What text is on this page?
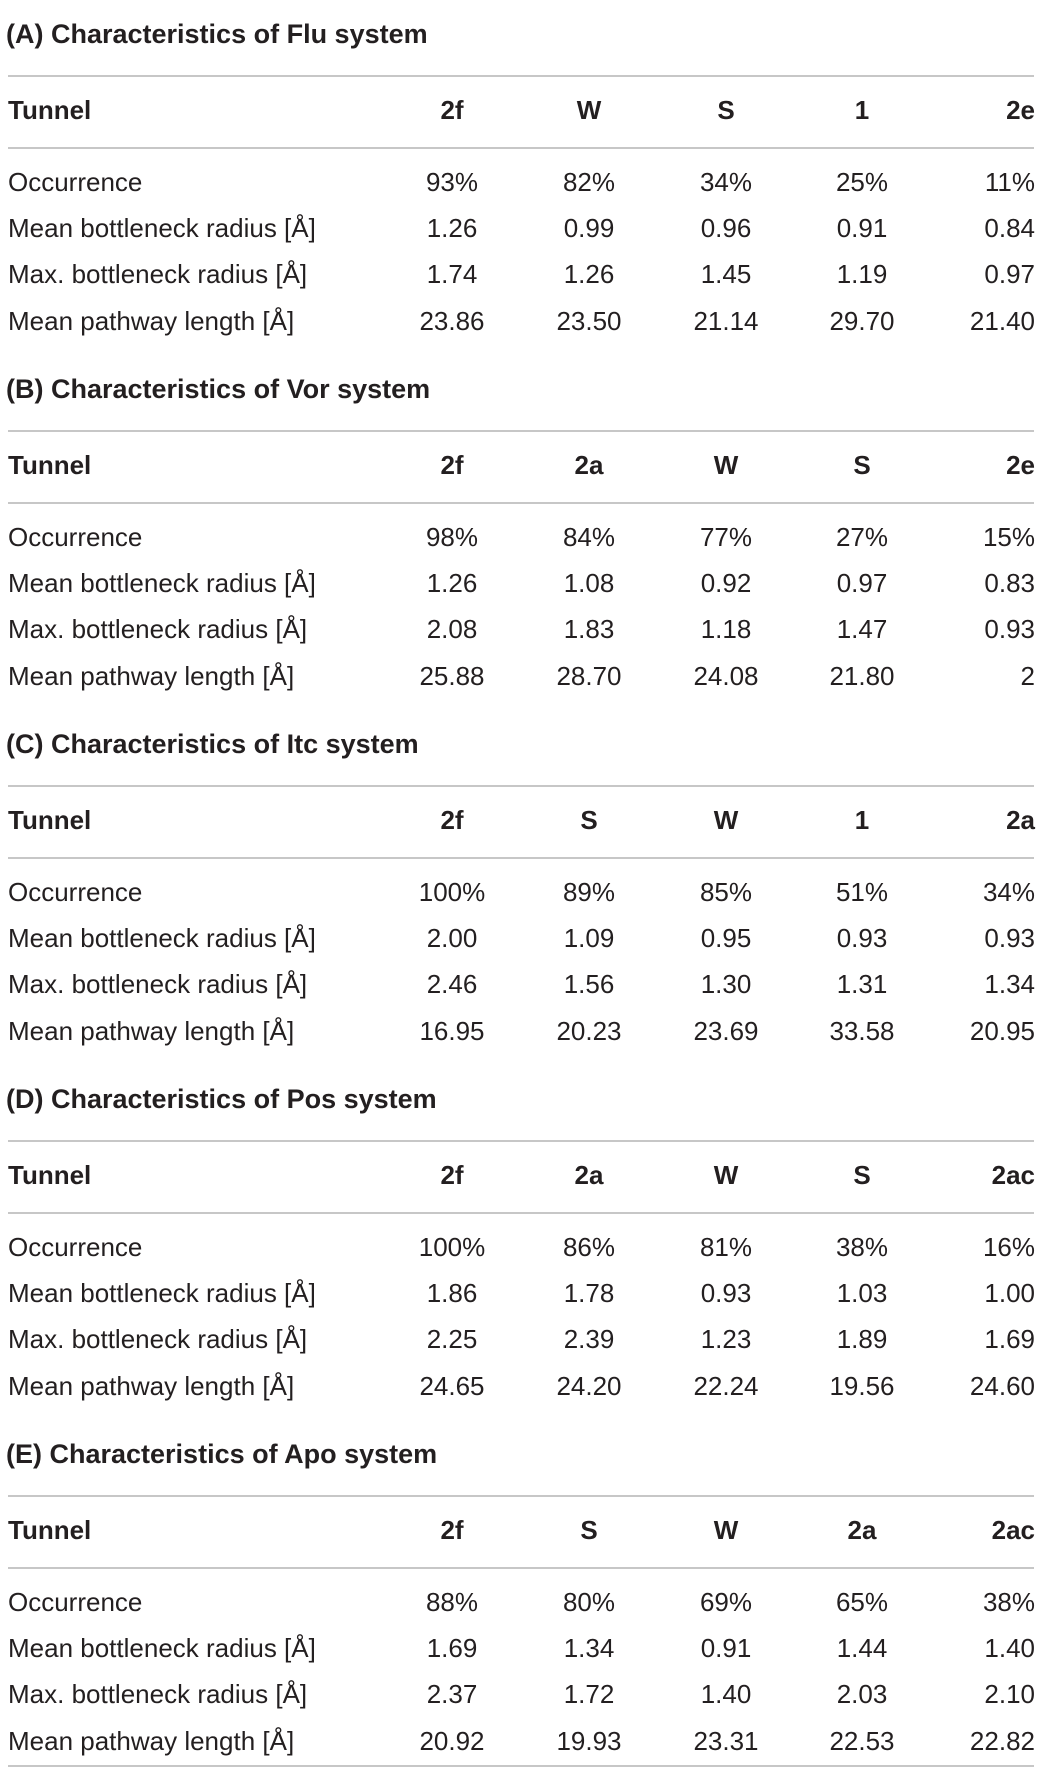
(A) Characteristics of Flu system
Tunnel	2f	W	S	1	2e
Occurrence	93%	82%	34%	25%	11%
Mean bottleneck radius [Å]	1.26	0.99	0.96	0.91	0.84
Max. bottleneck radius [Å]	1.74	1.26	1.45	1.19	0.97
Mean pathway length [Å]	23.86	23.50	21.14	29.70	21.40
(B) Characteristics of Vor system
Tunnel	2f	2a	W	S	2e
Occurrence	98%	84%	77%	27%	15%
Mean bottleneck radius [Å]	1.26	1.08	0.92	0.97	0.83
Max. bottleneck radius [Å]	2.08	1.83	1.18	1.47	0.93
Mean pathway length [Å]	25.88	28.70	24.08	21.80	2
(C) Characteristics of Itc system
Tunnel	2f	S	W	1	2a
Occurrence	100%	89%	85%	51%	34%
Mean bottleneck radius [Å]	2.00	1.09	0.95	0.93	0.93
Max. bottleneck radius [Å]	2.46	1.56	1.30	1.31	1.34
Mean pathway length [Å]	16.95	20.23	23.69	33.58	20.95
(D) Characteristics of Pos system
Tunnel	2f	2a	W	S	2ac
Occurrence	100%	86%	81%	38%	16%
Mean bottleneck radius [Å]	1.86	1.78	0.93	1.03	1.00
Max. bottleneck radius [Å]	2.25	2.39	1.23	1.89	1.69
Mean pathway length [Å]	24.65	24.20	22.24	19.56	24.60
(E) Characteristics of Apo system
Tunnel	2f	S	W	2a	2ac
Occurrence	88%	80%	69%	65%	38%
Mean bottleneck radius [Å]	1.69	1.34	0.91	1.44	1.40
Max. bottleneck radius [Å]	2.37	1.72	1.40	2.03	2.10
Mean pathway length [Å]	20.92	19.93	23.31	22.53	22.82
